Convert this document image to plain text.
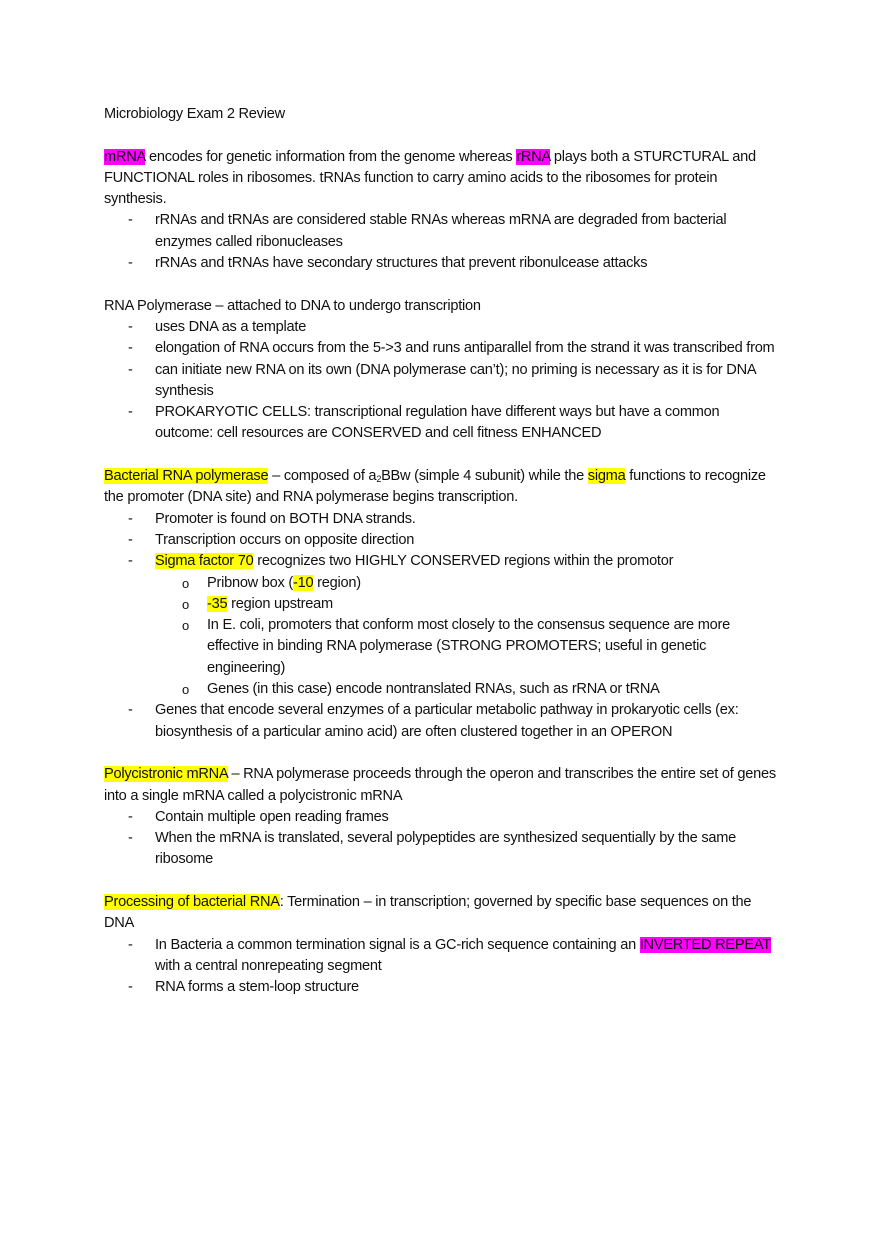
Microbiology Exam 2 Review

mRNA encodes for genetic information from the genome whereas rRNA plays both a STURCTURAL and FUNCTIONAL roles in ribosomes. tRNAs function to carry amino acids to the ribosomes for protein synthesis.

- rRNAs and tRNAs are considered stable RNAs whereas mRNA are degraded from bacterial enzymes called ribonucleases

- rRNAs and tRNAs have secondary structures that prevent ribonulcease attacks

RNA Polymerase – attached to DNA to undergo transcription

- uses DNA as a template

- elongation of RNA occurs from the 5->3 and runs antiparallel from the strand it was transcribed from

- can initiate new RNA on its own (DNA polymerase can’t); no priming is necessary as it is for DNA synthesis

- PROKARYOTIC CELLS: transcriptional regulation have different ways but have a common outcome: cell resources are CONSERVED and cell fitness ENHANCED

Bacterial RNA polymerase – composed of $a_2BBw$ (simple 4 subunit) while the sigma functions to recognize the promoter (DNA site) and RNA polymerase begins transcription.

- Promoter is found on BOTH DNA strands.

- Transcription occurs on opposite direction

- Sigma factor 70 recognizes two HIGHLY CONSERVED regions within the promotor

o Pribnow box (-10 region)

o -35 region upstream

o In E. coli, promoters that conform most closely to the consensus sequence are more effective in binding RNA polymerase (STRONG PROMOTERS; useful in genetic engineering)

o Genes (in this case) encode nontranslated RNAs, such as rRNA or tRNA

- Genes that encode several enzymes of a particular metabolic pathway in prokaryotic cells (ex: biosynthesis of a particular amino acid) are often clustered together in an OPERON

Polycistronic mRNA – RNA polymerase proceeds through the operon and transcribes the entire set of genes into a single mRNA called a polycistronic mRNA

- Contain multiple open reading frames

- When the mRNA is translated, several polypeptides are synthesized sequentially by the same ribosome

Processing of bacterial RNA: Termination – in transcription; governed by specific base sequences on the DNA

- In Bacteria a common termination signal is a GC-rich sequence containing an INVERTED REPEAT with a central nonrepeating segment

- RNA forms a stem-loop structure
